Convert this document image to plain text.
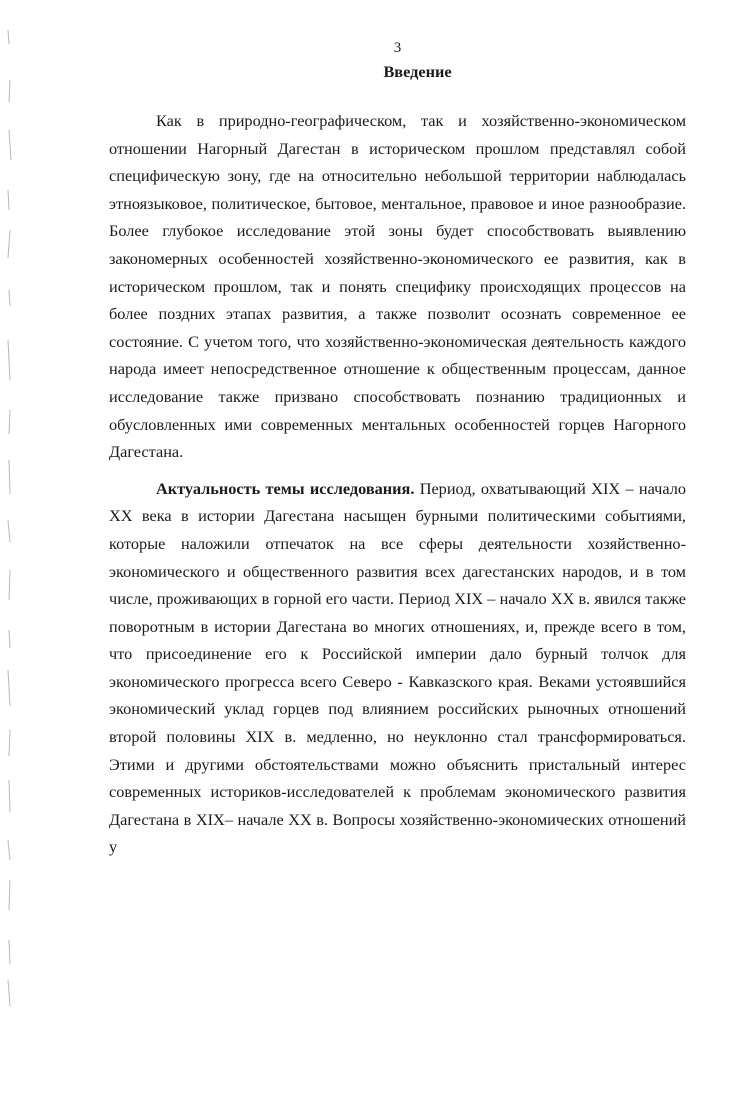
3

Введение

Как в природно-географическом, так и хозяйственно-экономическом отношении Нагорный Дагестан в историческом прошлом представлял собой специфическую зону, где на относительно небольшой территории наблюдалась этноязыковое, политическое, бытовое, ментальное, правовое и иное разнообразие. Более глубокое исследование этой зоны будет способствовать выявлению закономерных особенностей хозяйственно-экономического ее развития, как в историческом прошлом, так и понять специфику происходящих процессов на более поздних этапах развития, а также позволит осознать современное ее состояние. С учетом того, что хозяйственно-экономическая деятельность каждого народа имеет непосредственное отношение к общественным процессам, данное исследование также призвано способствовать познанию традиционных и обусловленных ими современных ментальных особенностей горцев Нагорного Дагестана.

Актуальность темы исследования. Период, охватывающий XIX – начало XX века в истории Дагестана насыщен бурными политическими событиями, которые наложили отпечаток на все сферы деятельности хозяйственно-экономического и общественного развития всех дагестанских народов, и в том числе, проживающих в горной его части. Период XIX – начало XX в. явился также поворотным в истории Дагестана во многих отношениях, и, прежде всего в том, что присоединение его к Российской империи дало бурный толчок для экономического прогресса всего Северо - Кавказского края. Веками устоявшийся экономический уклад горцев под влиянием российских рыночных отношений второй половины XIX в. медленно, но неуклонно стал трансформироваться. Этими и другими обстоятельствами можно объяснить пристальный интерес современных историков-исследователей к проблемам экономического развития Дагестана в XIX– начале XX в. Вопросы хозяйственно-экономических отношений у
